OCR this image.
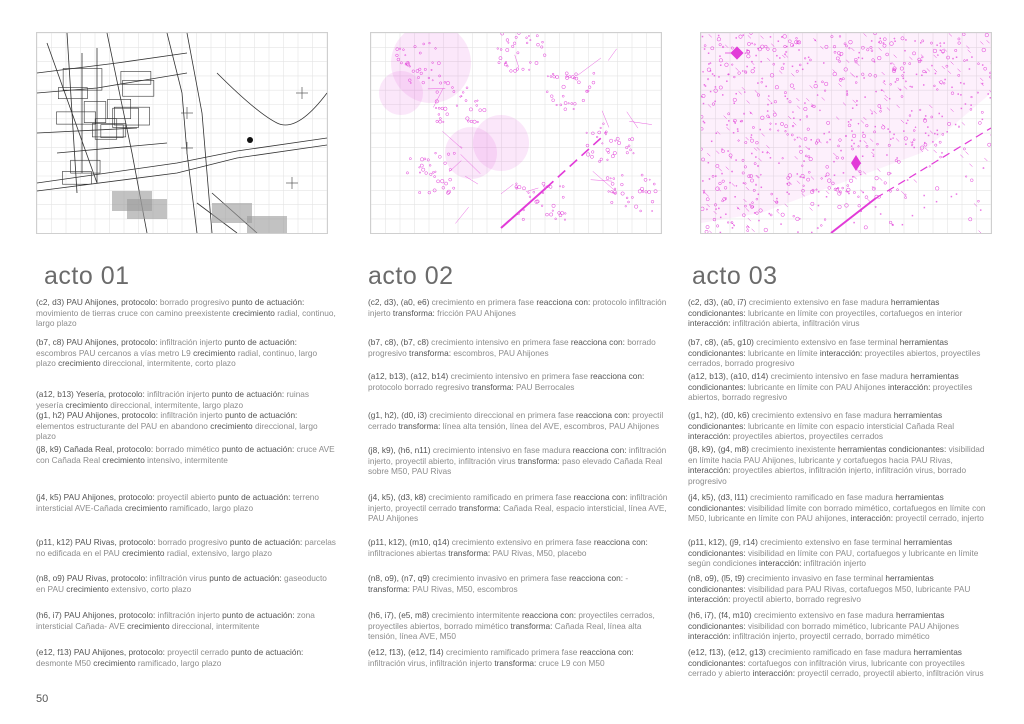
acto 01	acto 02	acto 03
(c2, d3) PAU Ahijones, protocolo: borrado progresivo punto de actuación: movimiento de tierras cruce con camino preexistente crecimiento radial, continuo, largo plazo
(b7, c8) PAU Ahijones, protocolo: infiltración injerto punto de actuación: escombros PAU cercanos a vías metro L9 crecimiento radial, continuo, largo plazo crecimiento direccional, intermitente, corto plazo
(a12, b13) Yesería, protocolo: infiltración injerto punto de actuación: ruinas yesería crecimiento direccional, intermitente, largo plazo
(g1, h2) PAU Ahijones, protocolo: infiltración injerto punto de actuación: elementos estructurante del PAU en abandono crecimiento direccional, largo plazo
(j8, k9) Cañada Real, protocolo: borrado mimético punto de actuación: cruce AVE con Cañada Real crecimiento intensivo, intermitente
(j4, k5) PAU Ahijones, protocolo: proyectil abierto punto de actuación: terreno intersticial AVE-Cañada crecimiento ramificado, largo plazo
(p11, k12) PAU Rivas, protocolo: borrado progresivo punto de actuación: parcelas no edificada en el PAU crecimiento radial, extensivo, largo plazo
(n8, o9) PAU Rivas, protocolo: infiltración virus punto de actuación: gaseoducto en PAU crecimiento extensivo, corto plazo
(h6, i7) PAU Ahijones, protocolo: infiltración injerto punto de actuación: zona intersticial Cañada- AVE crecimiento direccional, intermitente
(e12, f13) PAU Ahijones, protocolo: proyectil cerrado punto de actuación: desmonte M50 crecimiento ramificado, largo plazo
(c2, d3), (a0, e6) crecimiento en primera fase reacciona con: protocolo infiltración injerto transforma: fricción PAU Ahijones
(b7, c8), (b7, c8) crecimiento intensivo en primera fase reacciona con: borrado progresivo transforma: escombros, PAU Ahijones
(a12, b13), (a12, b14) crecimiento intensivo en primera fase reacciona con: protocolo borrado regresivo transforma: PAU Berrocales
(g1, h2), (d0, i3) crecimiento direccional en primera fase reacciona con: proyectil cerrado transforma: línea alta tensión, línea del AVE, escombros, PAU Ahijones
(j8, k9), (h6, n11) crecimiento intensivo en fase madura reacciona con: infiltración injerto, proyectil abierto, infiltración virus transforma: paso elevado Cañada Real sobre M50, PAU Rivas
(j4, k5), (d3, k8) crecimiento ramificado en primera fase reacciona con: infiltración injerto, proyectil cerrado transforma: Cañada Real, espacio intersticial, línea AVE, PAU Ahijones
(p11, k12), (m10, q14) crecimiento extensivo en primera fase reacciona con: infiltraciones abiertas transforma: PAU Rivas, M50, placebo
(n8, o9), (n7, q9) crecimiento invasivo en primera fase reacciona con: - transforma: PAU Rivas, M50, escombros
(h6, i7), (e5, m8) crecimiento intermitente reacciona con: proyectiles cerrados, proyectiles abiertos, borrado mimético transforma: Cañada Real, línea alta tensión, línea AVE, M50
(e12, f13), (e12, f14) crecimiento ramificado primera fase reacciona con: infiltración virus, infiltración injerto transforma: cruce L9 con M50
(c2, d3), (a0, i7) crecimiento extensivo en fase madura herramientas condicionantes: lubricante en límite con proyectiles, cortafuegos en interior interacción: infiltración abierta, infiltración virus
(b7, c8), (a5, g10) crecimiento extensivo en fase terminal herramientas condicionantes: lubricante en límite interacción: proyectiles abiertos, proyectiles cerrados, borrado progresivo
(a12, b13), (a10, d14) crecimiento intensivo en fase madura herramientas condicionantes: lubricante en límite con PAU Ahijones interacción: proyectiles abiertos, borrado regresivo
(g1, h2), (d0, k6) crecimiento extensivo en fase madura herramientas condicionantes: lubricante en límite con espacio intersticial Cañada Real interacción: proyectiles abiertos, proyectiles cerrados
(j8, k9), (g4, m8) crecimiento inexistente herramientas condicionantes: visibilidad en límite hacia PAU Ahijones, lubricante y cortafuegos hacia PAU Rivas, interacción: proyectiles abiertos, infiltración injerto, infiltración virus, borrado progresivo
(j4, k5), (d3, l11) crecimiento ramificado en fase madura herramientas condicionantes: visibilidad límite con borrado mimético, cortafuegos en límite con M50, lubricante en límite con PAU ahijones, interacción: proyectil cerrado, injerto
(p11, k12), (j9, r14) crecimiento extensivo en fase terminal herramientas condicionantes: visibilidad en límite con PAU, cortafuegos y lubricante en límite según condiciones interacción: infiltración injerto
(n8, o9), (l5, t9) crecimiento invasivo en fase terminal herramientas condicionantes: visibilidad para PAU Rivas, cortafuegos M50, lubricante PAU interacción: proyectil abierto, borrado regresivo
(h6, i7), (f4, m10) crecimiento extensivo en fase madura herramientas condicionantes: visibilidad con borrado mimético, lubricante PAU Ahijones interacción: infiltración injerto, proyectil cerrado, borrado mimético
(e12, f13), (e12, g13) crecimiento ramificado en fase madura herramientas condicionantes: cortafuegos con infiltración virus, lubricante con proyectiles cerrado y abierto interacción: proyectil cerrado, proyectil abierto, infiltración virus
50
